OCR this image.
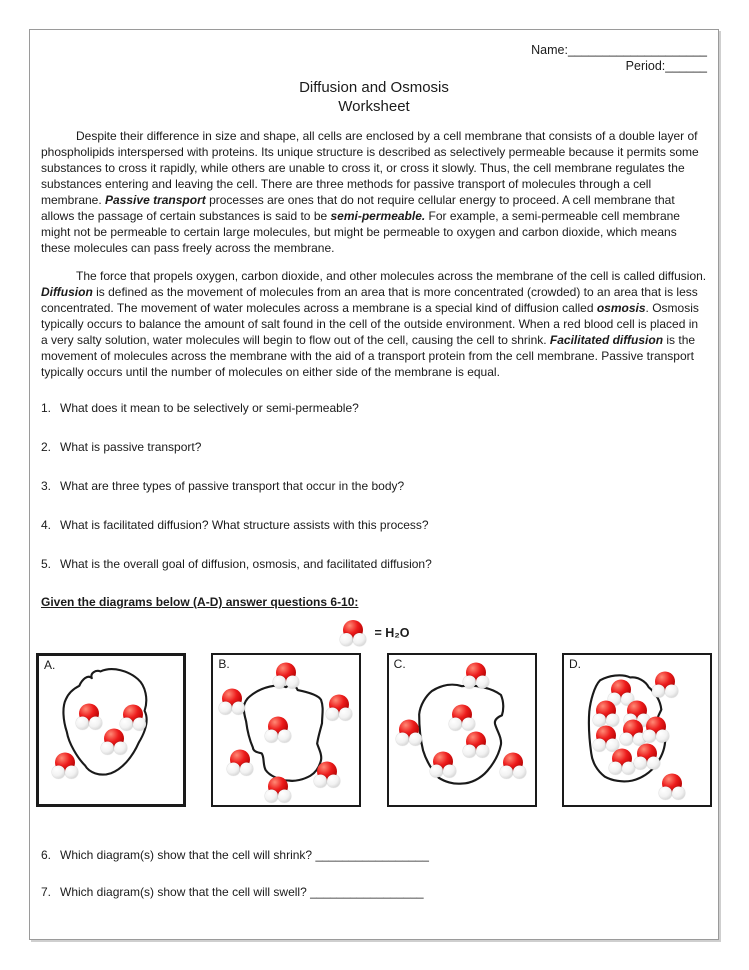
Name:____________________
Period:______
Diffusion and Osmosis
Worksheet

Despite their difference in size and shape, all cells are enclosed by a cell membrane that consists of a double layer of phospholipids interspersed with proteins. Its unique structure is described as selectively permeable because it permits some substances to cross it rapidly, while others are unable to cross it, or cross it slowly. Thus, the cell membrane regulates the substances entering and leaving the cell. There are three methods for passive transport of molecules through a cell membrane. Passive transport processes are ones that do not require cellular energy to proceed. A cell membrane that allows the passage of certain substances is said to be semi-permeable. For example, a semi-permeable cell membrane might not be permeable to certain large molecules, but might be permeable to oxygen and carbon dioxide, which means these molecules can pass freely across the membrane.

The force that propels oxygen, carbon dioxide, and other molecules across the membrane of the cell is called diffusion. Diffusion is defined as the movement of molecules from an area that is more concentrated (crowded) to an area that is less concentrated. The movement of water molecules across a membrane is a special kind of diffusion called osmosis. Osmosis typically occurs to balance the amount of salt found in the cell of the outside environment. When a red blood cell is placed in a very salty solution, water molecules will begin to flow out of the cell, causing the cell to shrink. Facilitated diffusion is the movement of molecules across the membrane with the aid of a transport protein from the cell membrane. Passive transport typically occurs until the number of molecules on either side of the membrane is equal.

1. What does it mean to be selectively or semi-permeable?
2. What is passive transport?
3. What are three types of passive transport that occur in the body?
4. What is facilitated diffusion? What structure assists with this process?
5. What is the overall goal of diffusion, osmosis, and facilitated diffusion?
Given the diagrams below (A-D) answer questions 6-10:
= H₂O
A.	B.	C.	D.
6. Which diagram(s) show that the cell will shrink? _________________
7. Which diagram(s) show that the cell will swell? _________________
